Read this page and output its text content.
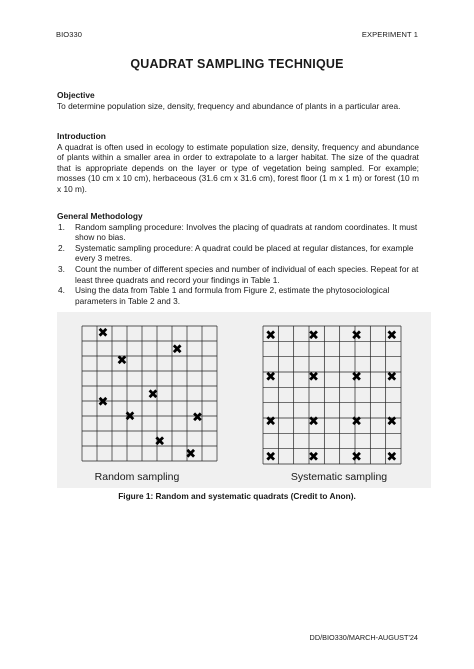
BIO330	EXPERIMENT 1
QUADRAT SAMPLING TECHNIQUE
Objective

To determine population size, density, frequency and abundance of plants in a particular area.

Introduction

A quadrat is often used in ecology to estimate population size, density, frequency and abundance of plants within a smaller area in order to extrapolate to a larger habitat. The size of the quadrat that is appropriate depends on the layer or type of vegetation being sampled. For example; mosses (10 cm x 10 cm), herbaceous (31.6 cm x 31.6 cm), forest floor (1 m x 1 m) or forest (10 m x 10 m).

General Methodology
1. Random sampling procedure: Involves the placing of quadrats at random coordinates. It must show no bias.
2. Systematic sampling procedure: A quadrat could be placed at regular distances, for example every 3 metres.
3. Count the number of different species and number of individual of each species. Repeat for at least three quadrats and record your findings in Table 1.
4. Using the data from Table 1 and formula from Figure 2, estimate the phytosociological parameters in Table 2 and 3.
✖
✖
✖
✖
✖
✖	✖
✖
✖
✖ ✖ ✖ ✖
✖ ✖ ✖ ✖
✖ ✖ ✖ ✖
✖ ✖ ✖ ✖
Random sampling	Systematic sampling
Figure 1: Random and systematic quadrats (Credit to Anon).
DD/BIO330/MARCH-AUGUST'24
